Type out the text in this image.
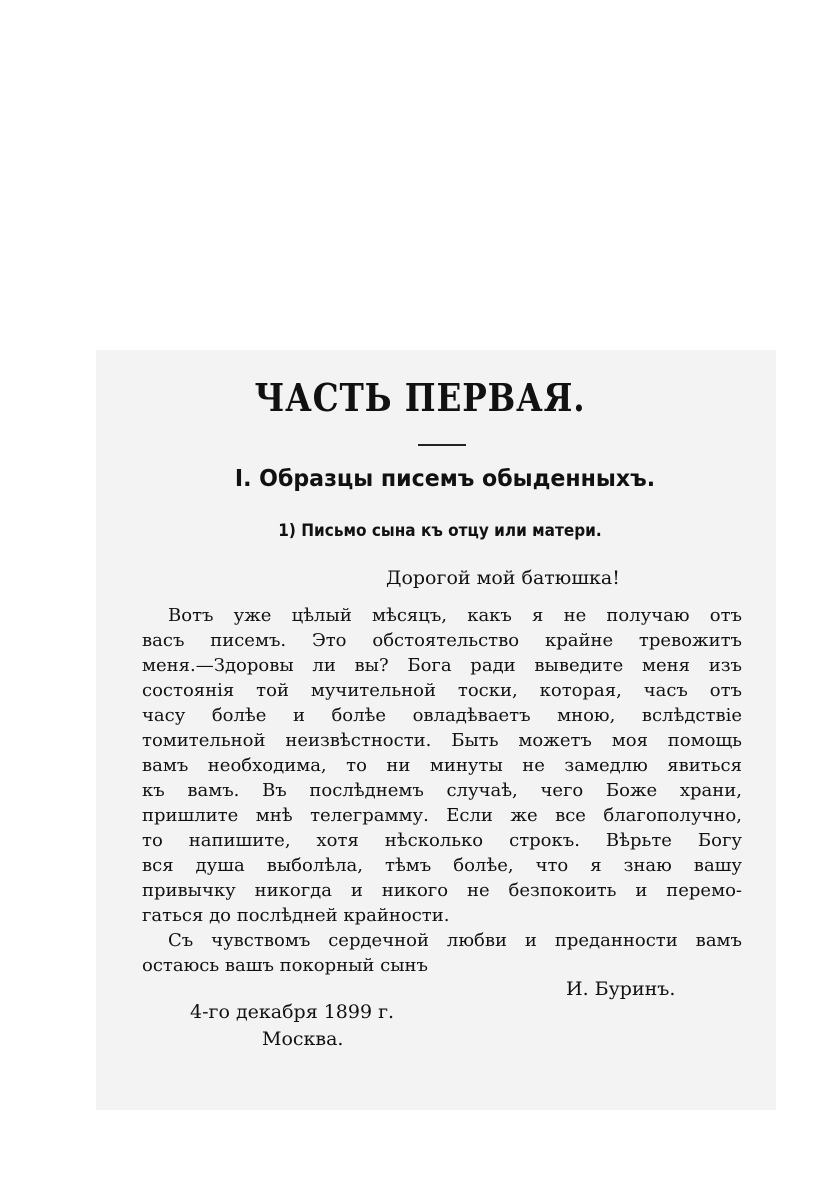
ЧАСТЬ ПЕРВАЯ.
I. Образцы писемъ обыденныхъ.
1) Письмо сына къ отцу или матери.
Дорогой мой батюшка!
Вотъ уже цѣлый мѣсяцъ, какъ я не получаю отъ
васъ писемъ. Это обстоятельство крайне тревожитъ
меня.—Здоровы ли вы? Бога ради выведите меня изъ
состоянія той мучительной тоски, которая, часъ отъ
часу болѣе и болѣе овладѣваетъ мною, вслѣдствіе
томительной неизвѣстности. Быть можетъ моя помощь
вамъ необходима, то ни минуты не замедлю явиться
къ вамъ. Въ послѣднемъ случаѣ, чего Боже храни,
пришлите мнѣ телеграмму. Если же все благополучно,
то напишите, хотя нѣсколько строкъ. Вѣрьте Богу
вся душа выболѣла, тѣмъ болѣе, что я знаю вашу
привычку никогда и никого не безпокоить и перемо-
гаться до послѣдней крайности.
Съ чувствомъ сердечной любви и преданности вамъ
остаюсь вашъ покорный сынъ
И. Буринъ.
4-го декабря 1899 г.
Москва.
